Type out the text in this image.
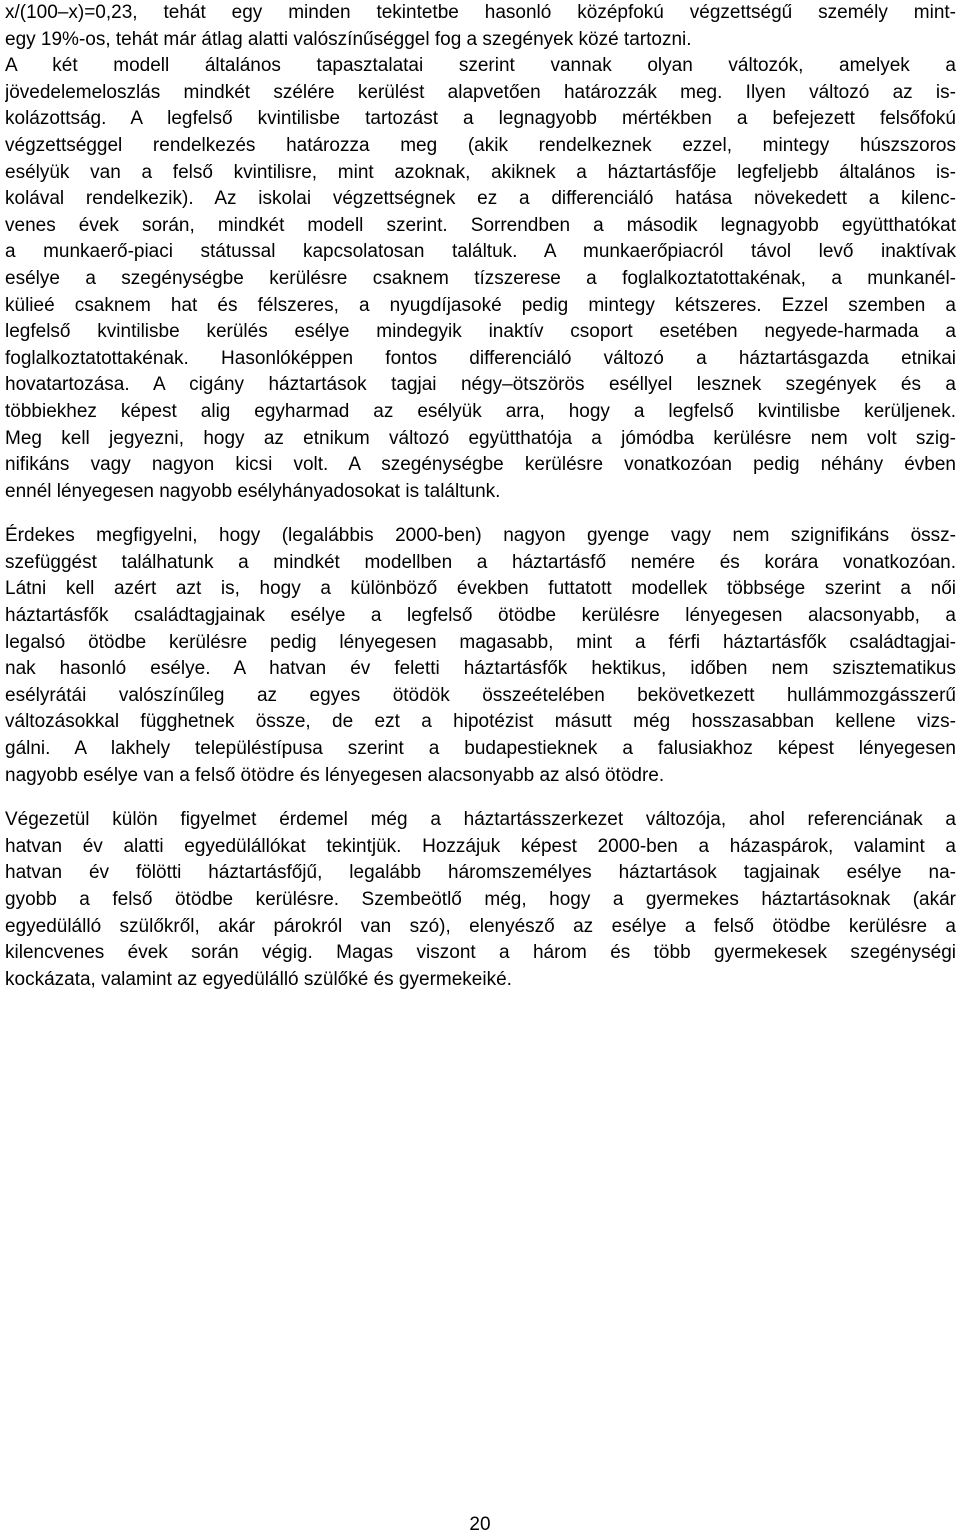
x/(100–x)=0,23, tehát egy minden tekintetbe hasonló középfokú végzettségű személy mint-
egy 19%-os, tehát már átlag alatti valószínűséggel fog a szegények közé tartozni.

A két modell általános tapasztalatai szerint vannak olyan változók, amelyek a
jövedelemeloszlás mindkét szélére kerülést alapvetően határozzák meg. Ilyen változó az is-
kolázottság. A legfelső kvintilisbe tartozást a legnagyobb mértékben a befejezett felsőfokú
végzettséggel rendelkezés határozza meg (akik rendelkeznek ezzel, mintegy húszszoros
esélyük van a felső kvintilisre, mint azoknak, akiknek a háztartásfője legfeljebb általános is-
kolával rendelkezik). Az iskolai végzettségnek ez a differenciáló hatása növekedett a kilenc-
venes évek során, mindkét modell szerint. Sorrendben a második legnagyobb együtthatókat
a munkaerő-piaci státussal kapcsolatosan találtuk. A munkaerőpiacról távol levő inaktívak
esélye a szegénységbe kerülésre csaknem tízszerese a foglalkoztatottakénak, a munkanél-
külieé csaknem hat és félszeres, a nyugdíjasoké pedig mintegy kétszeres. Ezzel szemben a
legfelső kvintilisbe kerülés esélye mindegyik inaktív csoport esetében negyede-harmada a
foglalkoztatottakénak. Hasonlóképpen fontos differenciáló változó a háztartásgazda etnikai
hovatartozása. A cigány háztartások tagjai négy–ötszörös eséllyel lesznek szegények és a
többiekhez képest alig egyharmad az esélyük arra, hogy a legfelső kvintilisbe kerüljenek.
Meg kell jegyezni, hogy az etnikum változó együtthatója a jómódba kerülésre nem volt szig-
nifikáns vagy nagyon kicsi volt. A szegénységbe kerülésre vonatkozóan pedig néhány évben
ennél lényegesen nagyobb esélyhányadosokat is találtunk.

Érdekes megfigyelni, hogy (legalábbis 2000-ben) nagyon gyenge vagy nem szignifikáns össz-
szefüggést találhatunk a mindkét modellben a háztartásfő nemére és korára vonatkozóan.
Látni kell azért azt is, hogy a különböző években futtatott modellek többsége szerint a női
háztartásfők családtagjainak esélye a legfelső ötödbe kerülésre lényegesen alacsonyabb, a
legalsó ötödbe kerülésre pedig lényegesen magasabb, mint a férfi háztartásfők családtagjai-
nak hasonló esélye. A hatvan év feletti háztartásfők hektikus, időben nem szisztematikus
esélyrátái valószínűleg az egyes ötödök összeételében bekövetkezett hullámmozgásszerű
változásokkal függhetnek össze, de ezt a hipotézist másutt még hosszasabban kellene vizs-
gálni. A lakhely településtípusa szerint a budapestieknek a falusiakhoz képest lényegesen
nagyobb esélye van a felső ötödre és lényegesen alacsonyabb az alsó ötödre.

Végezetül külön figyelmet érdemel még a háztartásszerkezet változója, ahol referenciának a
hatvan év alatti egyedülállókat tekintjük. Hozzájuk képest 2000-ben a házaspárok, valamint a
hatvan év fölötti háztartásfőjű, legalább háromszemélyes háztartások tagjainak esélye na-
gyobb a felső ötödbe kerülésre. Szembeötlő még, hogy a gyermekes háztartásoknak (akár
egyedülálló szülőkről, akár párokról van szó), elenyésző az esélye a felső ötödbe kerülésre a
kilencvenes évek során végig. Magas viszont a három és több gyermekesek szegénységi
kockázata, valamint az egyedülálló szülőké és gyermekeiké.

20
